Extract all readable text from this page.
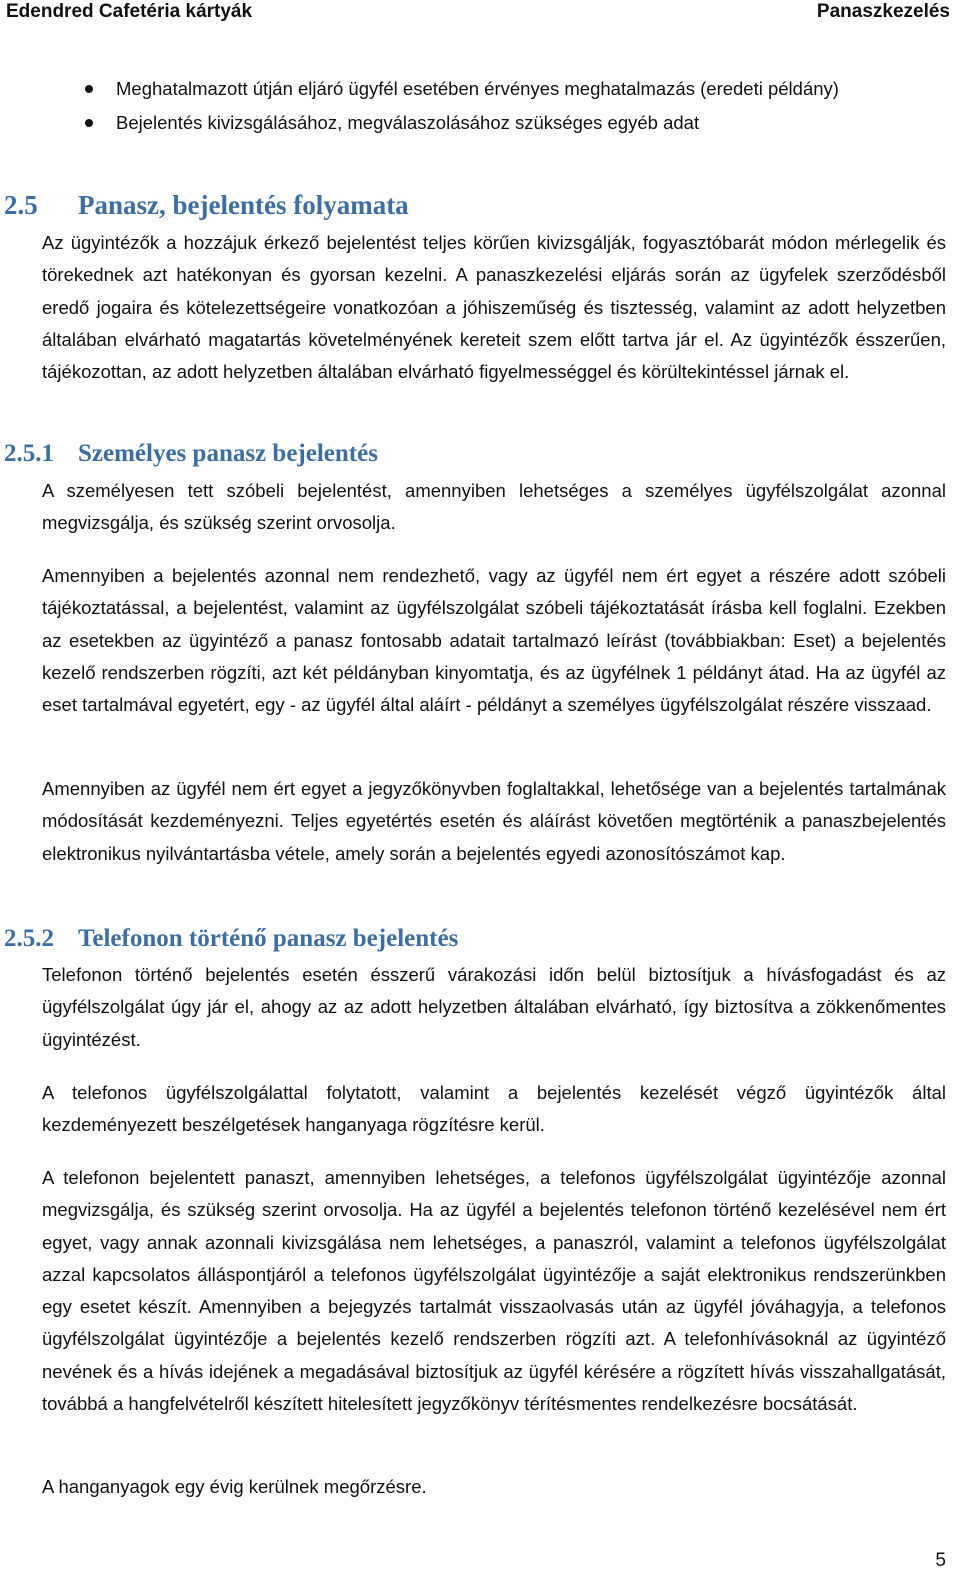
Edendred Cafetéria kártyák	Panaszkezelés
Meghatalmazott útján eljáró ügyfél esetében érvényes meghatalmazás (eredeti példány)
Bejelentés kivizsgálásához, megválaszolásához szükséges egyéb adat
2.5 Panasz, bejelentés folyamata

Az ügyintézők a hozzájuk érkező bejelentést teljes körűen kivizsgálják, fogyasztóbarát módon mérlegelik és törekednek azt hatékonyan és gyorsan kezelni. A panaszkezelési eljárás során az ügyfelek szerződésből eredő jogaira és kötelezettségeire vonatkozóan a jóhiszeműség és tisztesség, valamint az adott helyzetben általában elvárható magatartás követelményének kereteit szem előtt tartva jár el. Az ügyintézők ésszerűen, tájékozottan, az adott helyzetben általában elvárható figyelmességgel és körültekintéssel járnak el.

2.5.1 Személyes panasz bejelentés

A személyesen tett szóbeli bejelentést, amennyiben lehetséges a személyes ügyfélszolgálat azonnal megvizsgálja, és szükség szerint orvosolja.

Amennyiben a bejelentés azonnal nem rendezhető, vagy az ügyfél nem ért egyet a részére adott szóbeli tájékoztatással, a bejelentést, valamint az ügyfélszolgálat szóbeli tájékoztatását írásba kell foglalni. Ezekben az esetekben az ügyintéző a panasz fontosabb adatait tartalmazó leírást (továbbiakban: Eset) a bejelentés kezelő rendszerben rögzíti, azt két példányban kinyomtatja, és az ügyfélnek 1 példányt átad. Ha az ügyfél az eset tartalmával egyetért, egy - az ügyfél által aláírt - példányt a személyes ügyfélszolgálat részére visszaad.

Amennyiben az ügyfél nem ért egyet a jegyzőkönyvben foglaltakkal, lehetősége van a bejelentés tartalmának módosítását kezdeményezni. Teljes egyetértés esetén és aláírást követően megtörténik a panaszbejelentés elektronikus nyilvántartásba vétele, amely során a bejelentés egyedi azonosítószámot kap.

2.5.2 Telefonon történő panasz bejelentés

Telefonon történő bejelentés esetén ésszerű várakozási időn belül biztosítjuk a hívásfogadást és az ügyfélszolgálat úgy jár el, ahogy az az adott helyzetben általában elvárható, így biztosítva a zökkenőmentes ügyintézést.

A telefonos ügyfélszolgálattal folytatott, valamint a bejelentés kezelését végző ügyintézők által kezdeményezett beszélgetések hanganyaga rögzítésre kerül.

A telefonon bejelentett panaszt, amennyiben lehetséges, a telefonos ügyfélszolgálat ügyintézője azonnal megvizsgálja, és szükség szerint orvosolja. Ha az ügyfél a bejelentés telefonon történő kezelésével nem ért egyet, vagy annak azonnali kivizsgálása nem lehetséges, a panaszról, valamint a telefonos ügyfélszolgálat azzal kapcsolatos álláspontjáról a telefonos ügyfélszolgálat ügyintézője a saját elektronikus rendszerünkben egy esetet készít. Amennyiben a bejegyzés tartalmát visszaolvasás után az ügyfél jóváhagyja, a telefonos ügyfélszolgálat ügyintézője a bejelentés kezelő rendszerben rögzíti azt. A telefonhívásoknál az ügyintéző nevének és a hívás idejének a megadásával biztosítjuk az ügyfél kérésére a rögzített hívás visszahallgatását, továbbá a hangfelvételről készített hitelesített jegyzőkönyv térítésmentes rendelkezésre bocsátását.

A hanganyagok egy évig kerülnek megőrzésre.

5
